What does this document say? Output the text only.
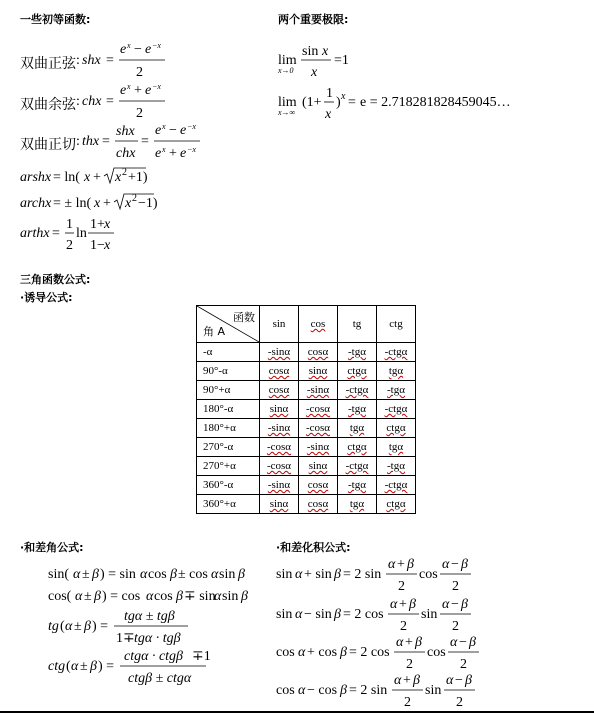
一些初等函数:	两个重要极限:
三角函数公式:
·诱导公式:
·和差角公式:	·和差化积公式:
双曲正弦
双曲余弦
双曲正切
: shx =
e x − e −x
2
: chx =
e x + e −x
2
: thx =
shx
chx
=
e x − e −x
e x + e −x
arshx = ln( x + x 2 +1)
archx = ± ln( x + x 2 −1)
arthx =
1
2
ln
1+ x
1− x
lim
x→0
sin x
x
=1
lim
x→∞
(1+
1
x
) x = e = 2.718281828459045…
函数
角 A	sin	cos	tg	ctg
-α	-sinα	cosα	-tgα	-ctgα
90°-α	cosα	sinα	ctgα	tgα
90°+α	cosα	-sinα	-ctgα	-tgα
180°-α	sinα	-cosα	-tgα	-ctgα
180°+α	-sinα	-cosα	tgα	ctgα
270°-α	-cosα	-sinα	ctgα	tgα
270°+α	-cosα	sinα	-ctgα	-tgα
360°-α	-sinα	cosα	-tgα	-ctgα
360°+α	sinα	cosα	tgα	ctgα
sin( α ± β ) = sin α cos β ± cos α sin β
cos( α ± β ) = cos α cos β ∓ sin
α sin β
tg ( α ± β ) =
tgα ± tgβ
1∓ tgα · tgβ
ctg ( α ± β ) =
ctgα · ctgβ ∓1
ctgβ ± ctgα
sin α + sin β = 2 sin
α + β
2
cos
α − β
2
sin α − sin β = 2 cos
α + β
2
sin
α − β
2
cos α + cos β = 2 cos
α + β
2
cos
α − β
2
cos α − cos β = 2 sin
α + β
2
sin
α − β
2
